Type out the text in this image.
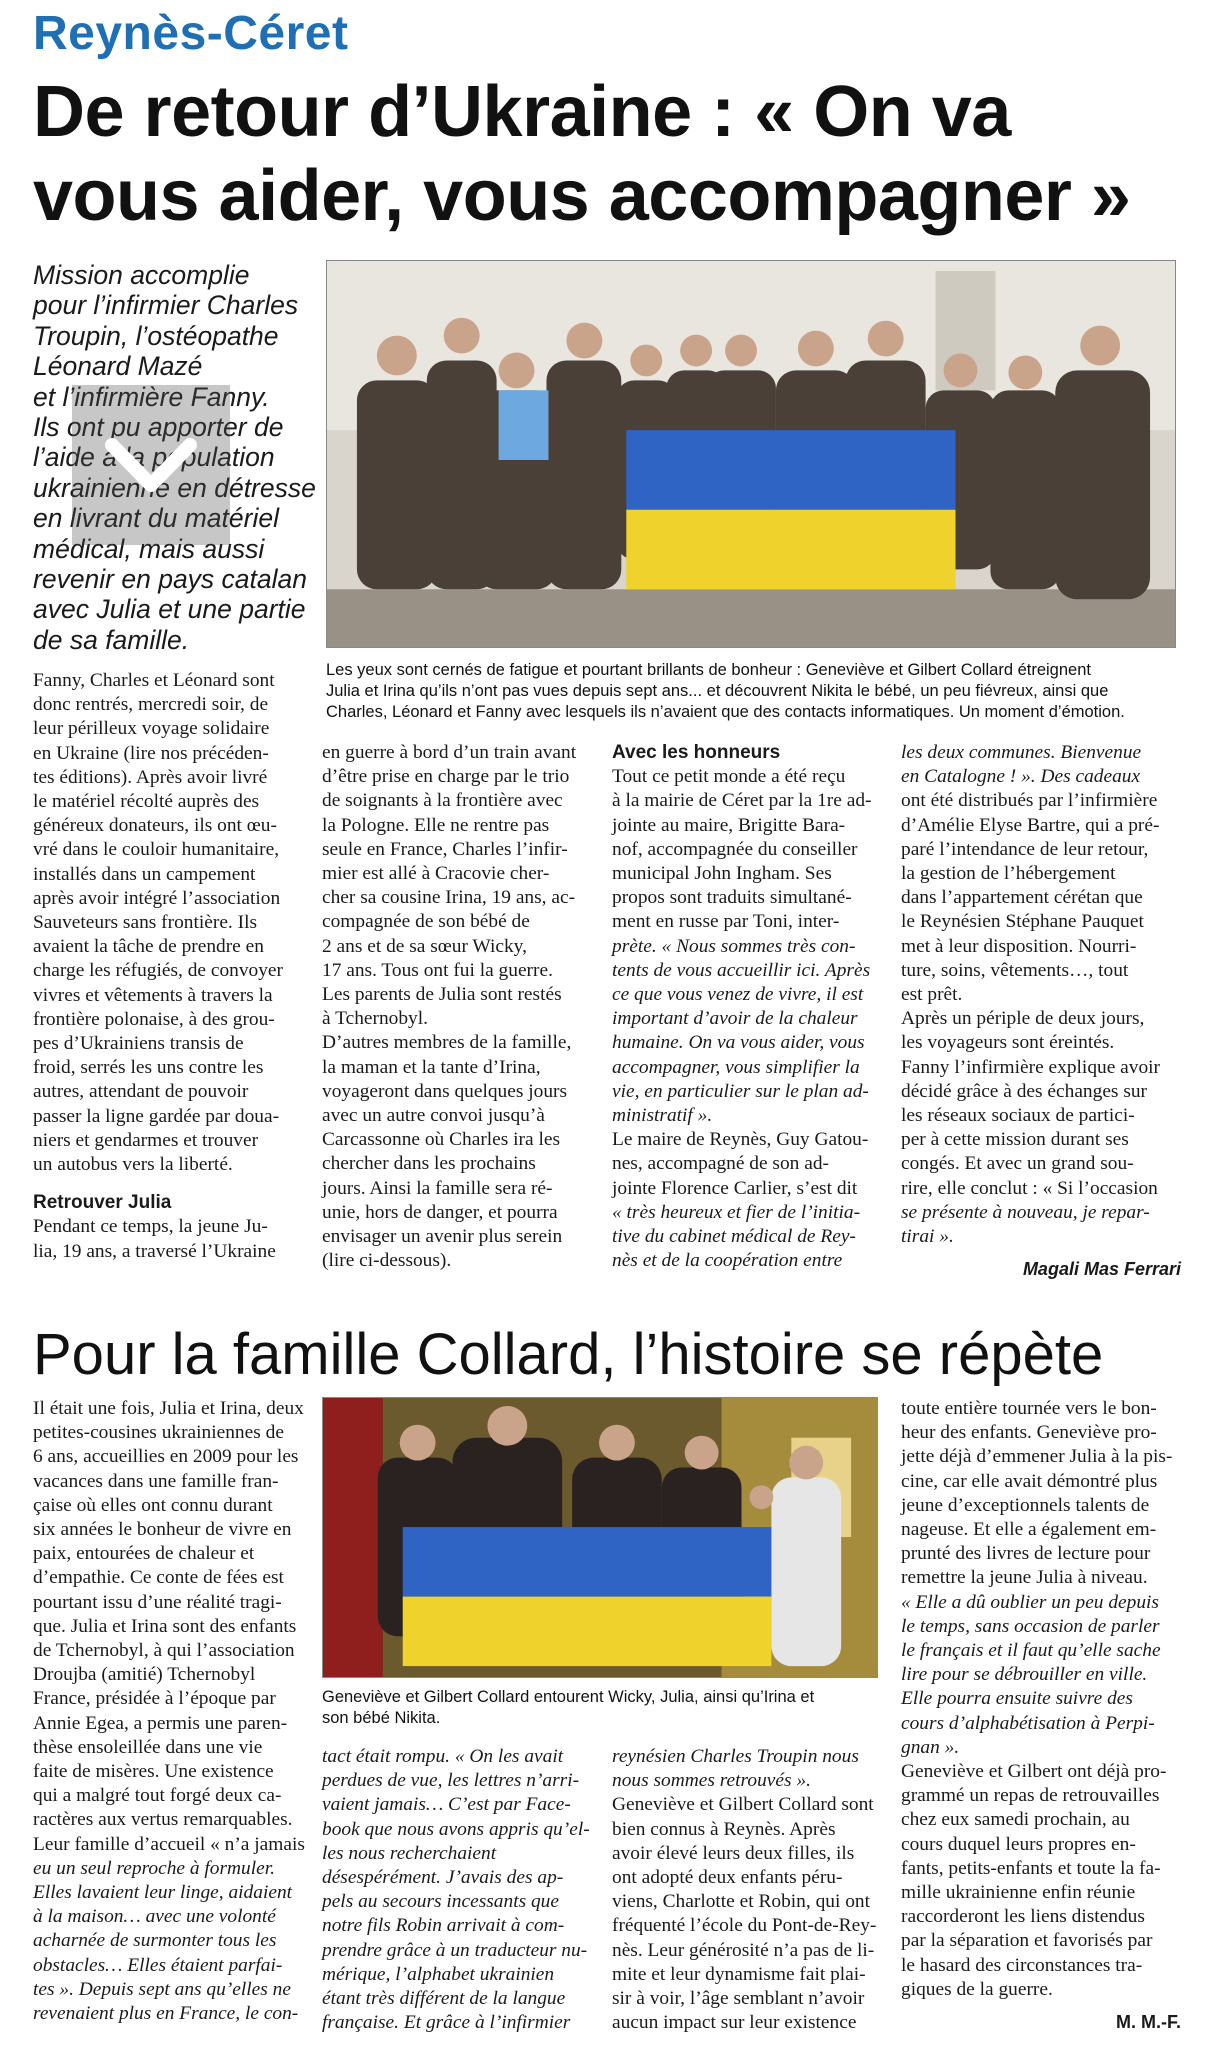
Reynès-Céret
De retour d’Ukraine : « On va vous aider, vous accompagner »

Mission accomplie

pour l’infirmier Charles

Troupin, l’ostéopathe

Léonard Mazé

et l’infirmière Fanny.

Ils ont pu apporter de

l’aide à la population

ukrainienne en détresse

en livrant du matériel

médical, mais aussi

revenir en pays catalan

avec Julia et une partie

de sa famille.

Les yeux sont cernés de fatigue et pourtant brillants de bonheur : Geneviève et Gilbert Collard étreignent

Julia et Irina qu’ils n’ont pas vues depuis sept ans... et découvrent Nikita le bébé, un peu fiévreux, ainsi que

Charles, Léonard et Fanny avec lesquels ils n’avaient que des contacts informatiques. Un moment d’émotion.

Fanny, Charles et Léonard sont

donc rentrés, mercredi soir, de

leur périlleux voyage solidaire

en Ukraine (lire nos précéden-

tes éditions). Après avoir livré

le matériel récolté auprès des

généreux donateurs, ils ont œu-

vré dans le couloir humanitaire,

installés dans un campement

après avoir intégré l’association

Sauveteurs sans frontière. Ils

avaient la tâche de prendre en

charge les réfugiés, de convoyer

vivres et vêtements à travers la

frontière polonaise, à des grou-

pes d’Ukrainiens transis de

froid, serrés les uns contre les

autres, attendant de pouvoir

passer la ligne gardée par doua-

niers et gendarmes et trouver

un autobus vers la liberté.

Retrouver Julia

Pendant ce temps, la jeune Ju-

lia, 19 ans, a traversé l’Ukraine

en guerre à bord d’un train avant

d’être prise en charge par le trio

de soignants à la frontière avec

la Pologne. Elle ne rentre pas

seule en France, Charles l’infir-

mier est allé à Cracovie cher-

cher sa cousine Irina, 19 ans, ac-

compagnée de son bébé de

2 ans et de sa sœur Wicky,

17 ans. Tous ont fui la guerre.

Les parents de Julia sont restés

à Tchernobyl.

D’autres membres de la famille,

la maman et la tante d’Irina,

voyageront dans quelques jours

avec un autre convoi jusqu’à

Carcassonne où Charles ira les

chercher dans les prochains

jours. Ainsi la famille sera ré-

unie, hors de danger, et pourra

envisager un avenir plus serein

(lire ci-dessous).

Avec les honneurs

Tout ce petit monde a été reçu

à la mairie de Céret par la 1re ad-

jointe au maire, Brigitte Bara-

nof, accompagnée du conseiller

municipal John Ingham. Ses

propos sont traduits simultané-

ment en russe par Toni, inter-

prète. « Nous sommes très con-

tents de vous accueillir ici. Après

ce que vous venez de vivre, il est

important d’avoir de la chaleur

humaine. On va vous aider, vous

accompagner, vous simplifier la

vie, en particulier sur le plan ad-

ministratif ».

Le maire de Reynès, Guy Gatou-

nes, accompagné de son ad-

jointe Florence Carlier, s’est dit

« très heureux et fier de l’initia-

tive du cabinet médical de Rey-

nès et de la coopération entre

les deux communes. Bienvenue

en Catalogne ! ». Des cadeaux

ont été distribués par l’infirmière

d’Amélie Elyse Bartre, qui a pré-

paré l’intendance de leur retour,

la gestion de l’hébergement

dans l’appartement cérétan que

le Reynésien Stéphane Pauquet

met à leur disposition. Nourri-

ture, soins, vêtements…, tout

est prêt.

Après un périple de deux jours,

les voyageurs sont éreintés.

Fanny l’infirmière explique avoir

décidé grâce à des échanges sur

les réseaux sociaux de partici-

per à cette mission durant ses

congés. Et avec un grand sou-

rire, elle conclut : « Si l’occasion

se présente à nouveau, je repar-

tirai ».

Magali Mas Ferrari

Pour la famille Collard, l’histoire se répète

Il était une fois, Julia et Irina, deux

petites-cousines ukrainiennes de

6 ans, accueillies en 2009 pour les

vacances dans une famille fran-

çaise où elles ont connu durant

six années le bonheur de vivre en

paix, entourées de chaleur et

d’empathie. Ce conte de fées est

pourtant issu d’une réalité tragi-

que. Julia et Irina sont des enfants

de Tchernobyl, à qui l’association

Droujba (amitié) Tchernobyl

France, présidée à l’époque par

Annie Egea, a permis une paren-

thèse ensoleillée dans une vie

faite de misères. Une existence

qui a malgré tout forgé deux ca-

ractères aux vertus remarquables.

Leur famille d’accueil « n’a jamais

eu un seul reproche à formuler.

Elles lavaient leur linge, aidaient

à la maison… avec une volonté

acharnée de surmonter tous les

obstacles… Elles étaient parfai-

tes ». Depuis sept ans qu’elles ne

revenaient plus en France, le con-

Geneviève et Gilbert Collard entourent Wicky, Julia, ainsi qu’Irina et

son bébé Nikita.

tact était rompu. « On les avait

perdues de vue, les lettres n’arri-

vaient jamais… C’est par Face-

book que nous avons appris qu’el-

les nous recherchaient

désespérément. J’avais des ap-

pels au secours incessants que

notre fils Robin arrivait à com-

prendre grâce à un traducteur nu-

mérique, l’alphabet ukrainien

étant très différent de la langue

française. Et grâce à l’infirmier

reynésien Charles Troupin nous

nous sommes retrouvés ».

Geneviève et Gilbert Collard sont

bien connus à Reynès. Après

avoir élevé leurs deux filles, ils

ont adopté deux enfants péru-

viens, Charlotte et Robin, qui ont

fréquenté l’école du Pont-de-Rey-

nès. Leur générosité n’a pas de li-

mite et leur dynamisme fait plai-

sir à voir, l’âge semblant n’avoir

aucun impact sur leur existence

toute entière tournée vers le bon-

heur des enfants. Geneviève pro-

jette déjà d’emmener Julia à la pis-

cine, car elle avait démontré plus

jeune d’exceptionnels talents de

nageuse. Et elle a également em-

prunté des livres de lecture pour

remettre la jeune Julia à niveau.

« Elle a dû oublier un peu depuis

le temps, sans occasion de parler

le français et il faut qu’elle sache

lire pour se débrouiller en ville.

Elle pourra ensuite suivre des

cours d’alphabétisation à Perpi-

gnan ».

Geneviève et Gilbert ont déjà pro-

grammé un repas de retrouvailles

chez eux samedi prochain, au

cours duquel leurs propres en-

fants, petits-enfants et toute la fa-

mille ukrainienne enfin réunie

raccorderont les liens distendus

par la séparation et favorisés par

le hasard des circonstances tra-

giques de la guerre.

M. M.-F.
